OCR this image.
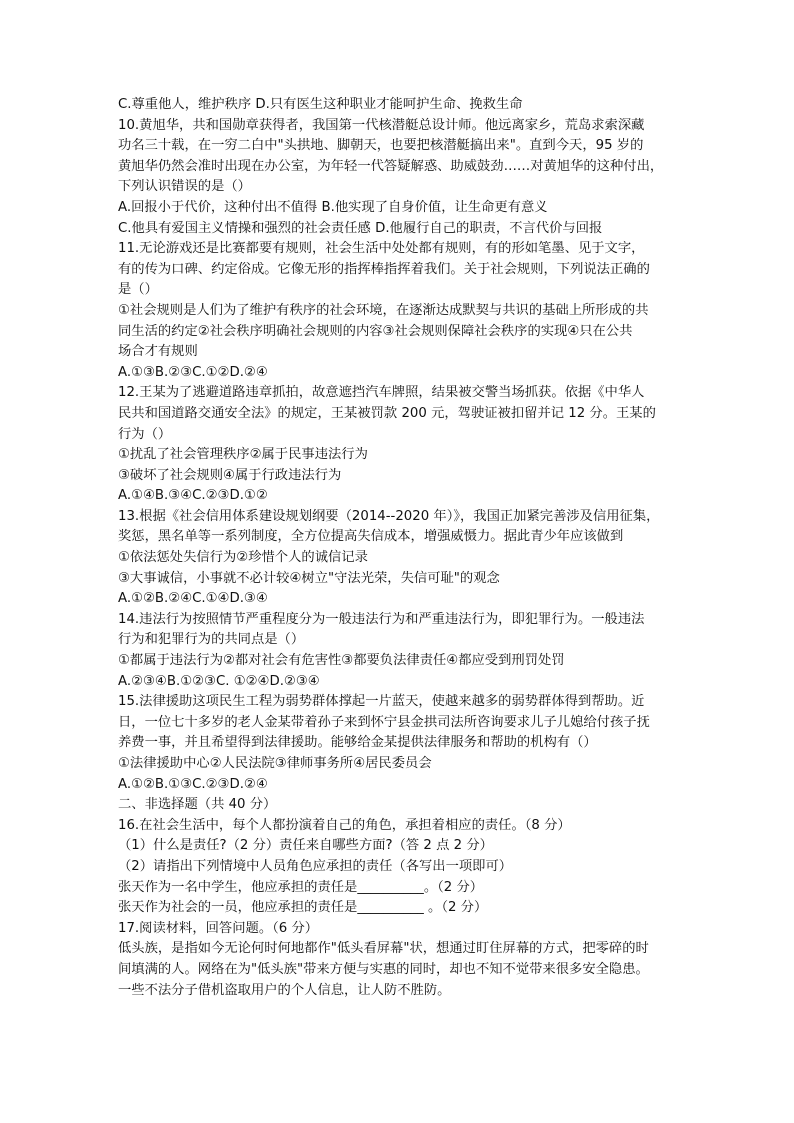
C.尊重他人，维护秩序 D.只有医生这种职业才能呵护生命、挽救生命
10.黄旭华，共和国勋章获得者，我国第一代核潜艇总设计师。他远离家乡，荒岛求索深藏
功名三十载，在一穷二白中"头拱地、脚朝天，也要把核潜艇搞出来"。直到今天，95 岁的
黄旭华仍然会准时出现在办公室，为年轻一代答疑解惑、助威鼓劲……对黄旭华的这种付出，
下列认识错误的是（）
A.回报小于代价，这种付出不值得 B.他实现了自身价值，让生命更有意义
C.他具有爱国主义情操和强烈的社会责任感 D.他履行自己的职责，不言代价与回报
11.无论游戏还是比赛都要有规则，社会生活中处处都有规则，有的形如笔墨、见于文字，
有的传为口碑、约定俗成。它像无形的指挥棒指挥着我们。关于社会规则，下列说法正确的
是（）
①社会规则是人们为了维护有秩序的社会环境，在逐渐达成默契与共识的基础上所形成的共
同生活的约定②社会秩序明确社会规则的内容③社会规则保障社会秩序的实现④只在公共
场合才有规则
A.①③B.②③C.①②D.②④
12.王某为了逃避道路违章抓拍，故意遮挡汽车牌照，结果被交警当场抓获。依据《中华人
民共和国道路交通安全法》的规定，王某被罚款 200 元，驾驶证被扣留并记 12 分。王某的
行为（）
①扰乱了社会管理秩序②属于民事违法行为
③破坏了社会规则④属于行政违法行为
A.①④B.③④C.②③D.①②
13.根据《社会信用体系建设规划纲要（2014--2020 年）》，我国正加紧完善涉及信用征集，
奖惩，黑名单等一系列制度，全方位提高失信成本，增强威慑力。据此青少年应该做到
①依法惩处失信行为②珍惜个人的诚信记录
③大事诚信，小事就不必计较④树立"守法光荣，失信可耻"的观念
A.①②B.②④C.①④D.③④
14.违法行为按照情节严重程度分为一般违法行为和严重违法行为，即犯罪行为。一般违法
行为和犯罪行为的共同点是（）
①都属于违法行为②都对社会有危害性③都要负法律责任④都应受到刑罚处罚
A.②③④B.①②③C. ①②④D.②③④
15.法律援助这项民生工程为弱势群体撑起一片蓝天，使越来越多的弱势群体得到帮助。近
日，一位七十多岁的老人金某带着孙子来到怀宁县金拱司法所咨询要求儿子儿媳给付孩子抚
养费一事，并且希望得到法律援助。能够给金某提供法律服务和帮助的机构有（）
①法律援助中心②人民法院③律师事务所④居民委员会
A.①②B.①③C.②③D.②④
二、非选择题（共 40 分）
16.在社会生活中，每个人都扮演着自己的角色，承担着相应的责任。（8 分）
（1）什么是责任?（2 分）责任来自哪些方面?（答 2 点 2 分）
（2）请指出下列情境中人员角色应承担的责任（各写出一项即可）
张天作为一名中学生，他应承担的责任是__________。（2 分）
张天作为社会的一员，他应承担的责任是__________ 。（2 分）
17.阅读材料，回答问题。（6 分）
低头族，是指如今无论何时何地都作"低头看屏幕"状，想通过盯住屏幕的方式，把零碎的时
间填满的人。网络在为"低头族"带来方便与实惠的同时，却也不知不觉带来很多安全隐患。
一些不法分子借机盗取用户的个人信息，让人防不胜防。
